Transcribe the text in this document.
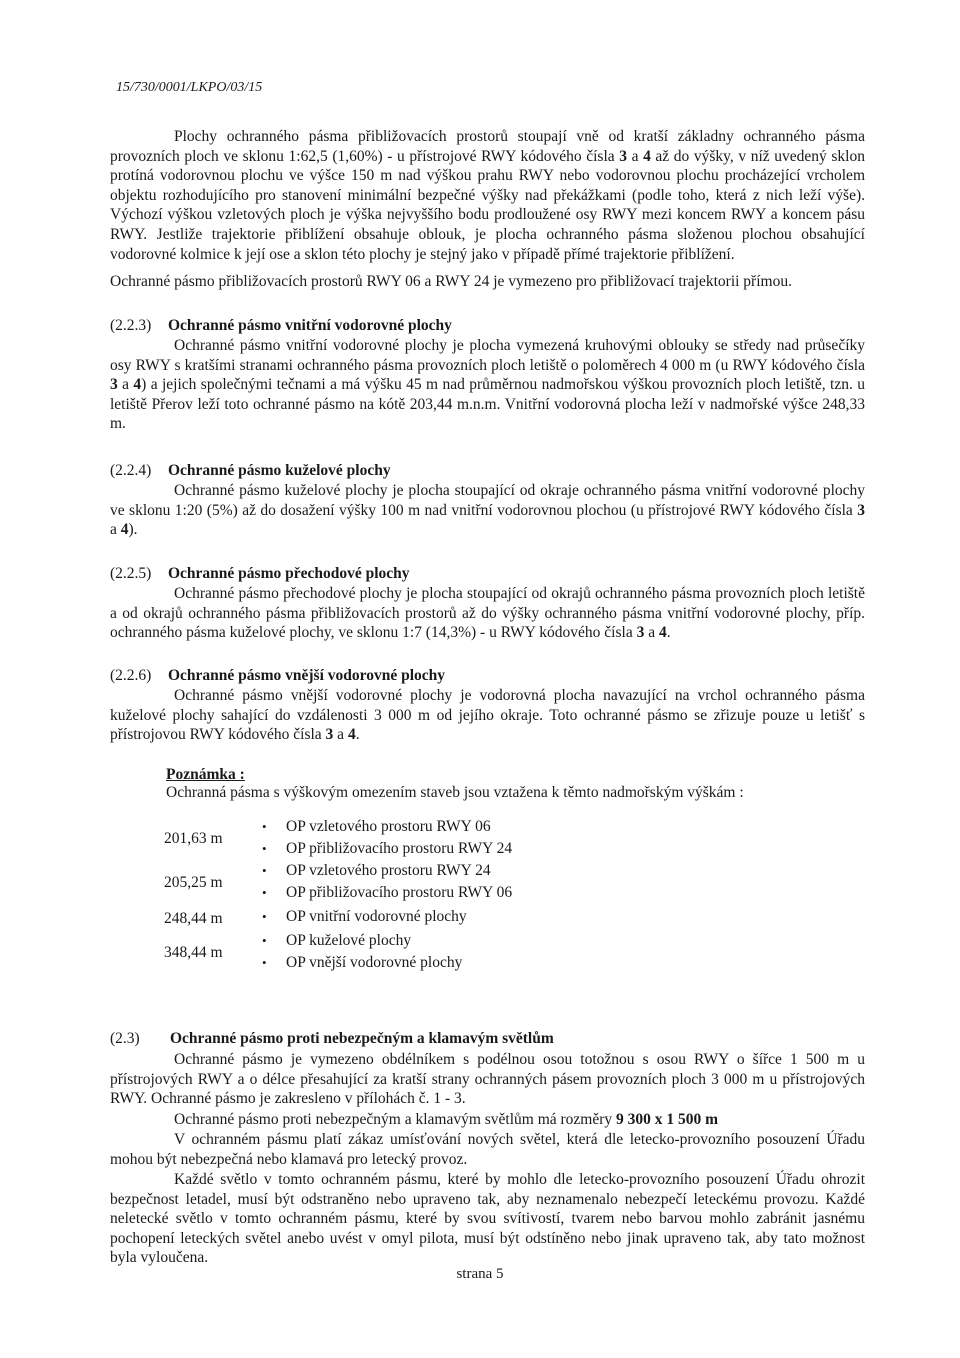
15/730/0001/LKPO/03/15
Plochy ochranného pásma přibližovacích prostorů stoupají vně od kratší základny ochranného pásma provozních ploch ve sklonu 1:62,5 (1,60%) - u přístrojové RWY kódového čísla 3 a 4 až do výšky, v níž uvedený sklon protíná vodorovnou plochu ve výšce 150 m nad výškou prahu RWY nebo vodorovnou plochu procházející vrcholem objektu rozhodujícího pro stanovení minimální bezpečné výšky nad překážkami (podle toho, která z nich leží výše). Výchozí výškou vzletových ploch je výška nejvyššího bodu prodloužené osy RWY mezi koncem RWY a koncem pásu RWY. Jestliže trajektorie přiblížení obsahuje oblouk, je plocha ochranného pásma složenou plochou obsahující vodorovné kolmice k její ose a sklon této plochy je stejný jako v případě přímé trajektorie přiblížení.
Ochranné pásmo přibližovacích prostorů RWY 06 a RWY 24 je vymezeno pro přibližovací trajektorii přímou.
(2.2.3) Ochranné pásmo vnitřní vodorovné plochy
Ochranné pásmo vnitřní vodorovné plochy je plocha vymezená kruhovými oblouky se středy nad průsečíky osy RWY s kratšími stranami ochranného pásma provozních ploch letiště o poloměrech 4 000 m (u RWY kódového čísla 3 a 4) a jejich společnými tečnami a má výšku 45 m nad průměrnou nadmořskou výškou provozních ploch letiště, tzn. u letiště Přerov leží toto ochranné pásmo na kótě 203,44 m.n.m. Vnitřní vodorovná plocha leží v nadmořské výšce 248,33 m.
(2.2.4) Ochranné pásmo kuželové plochy
Ochranné pásmo kuželové plochy je plocha stoupající od okraje ochranného pásma vnitřní vodorovné plochy ve sklonu 1:20 (5%) až do dosažení výšky 100 m nad vnitřní vodorovnou plochou (u přístrojové RWY kódového čísla 3 a 4).
(2.2.5) Ochranné pásmo přechodové plochy
Ochranné pásmo přechodové plochy je plocha stoupající od okrajů ochranného pásma provozních ploch letiště a od okrajů ochranného pásma přibližovacích prostorů až do výšky ochranného pásma vnitřní vodorovné plochy, příp. ochranného pásma kuželové plochy, ve sklonu 1:7 (14,3%) - u RWY kódového čísla 3 a 4.
(2.2.6) Ochranné pásmo vnější vodorovné plochy
Ochranné pásmo vnější vodorovné plochy je vodorovná plocha navazující na vrchol ochranného pásma kuželové plochy sahající do vzdálenosti 3 000 m od jejího okraje. Toto ochranné pásmo se zřizuje pouze u letišť s přístrojovou RWY kódového čísla 3 a 4.
Poznámka :
Ochranná pásma s výškovým omezením staveb jsou vztažena k těmto nadmořským výškám :
201,63 m
205,25 m
248,44 m
348,44 m
• OP vzletového prostoru RWY 06
• OP přibližovacího prostoru RWY 24
• OP vzletového prostoru RWY 24
• OP přibližovacího prostoru RWY 06
• OP vnitřní vodorovné plochy
• OP kuželové plochy
• OP vnější vodorovné plochy
(2.3) Ochranné pásmo proti nebezpečným a klamavým světlům
Ochranné pásmo je vymezeno obdélníkem s podélnou osou totožnou s osou RWY o šířce 1 500 m u přístrojových RWY a o délce přesahující za kratší strany ochranných pásem provozních ploch 3 000 m u přístrojových RWY. Ochranné pásmo je zakresleno v přílohách č. 1 - 3.
Ochranné pásmo proti nebezpečným a klamavým světlům má rozměry 9 300 x 1 500 m
V ochranném pásmu platí zákaz umísťování nových světel, která dle letecko-provozního posouzení Úřadu mohou být nebezpečná nebo klamavá pro letecký provoz.
Každé světlo v tomto ochranném pásmu, které by mohlo dle letecko-provozního posouzení Úřadu ohrozit bezpečnost letadel, musí být odstraněno nebo upraveno tak, aby neznamenalo nebezpečí leteckému provozu. Každé neletecké světlo v tomto ochranném pásmu, které by svou svítivostí, tvarem nebo barvou mohlo zabránit jasnému pochopení leteckých světel anebo uvést v omyl pilota, musí být odstíněno nebo jinak upraveno tak, aby tato možnost byla vyloučena.
strana 5
